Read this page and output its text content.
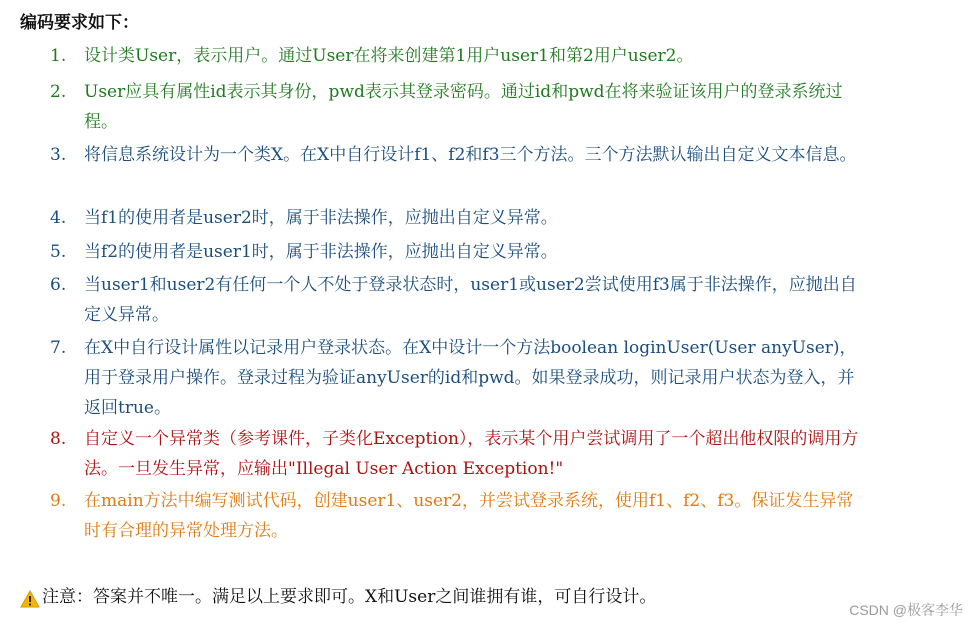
编码要求如下：
1.	设计类User，表示用户。通过User在将来创建第1用户user1和第2用户user2。
2.	User应具有属性id表示其身份，pwd表示其登录密码。通过id和pwd在将来验证该用户的登录系统过程。
3.	将信息系统设计为一个类X。在X中自行设计f1、f2和f3三个方法。三个方法默认输出自定义文本信息。
4.	当f1的使用者是user2时，属于非法操作，应抛出自定义异常。
5.	当f2的使用者是user1时，属于非法操作，应抛出自定义异常。
6.	当user1和user2有任何一个人不处于登录状态时，user1或user2尝试使用f3属于非法操作，应抛出自定义异常。
7.	在X中自行设计属性以记录用户登录状态。在X中设计一个方法boolean loginUser(User anyUser)，用于登录用户操作。登录过程为验证anyUser的id和pwd。如果登录成功，则记录用户状态为登入，并返回true。
8.	自定义一个异常类（参考课件，子类化Exception），表示某个用户尝试调用了一个超出他权限的调用方法。一旦发生异常，应输出"Illegal User Action Exception!"
9.	在main方法中编写测试代码，创建user1、user2，并尝试登录系统，使用f1、f2、f3。保证发生异常时有合理的异常处理方法。
注意：答案并不唯一。满足以上要求即可。X和User之间谁拥有谁，可自行设计。
CSDN @极客李华
